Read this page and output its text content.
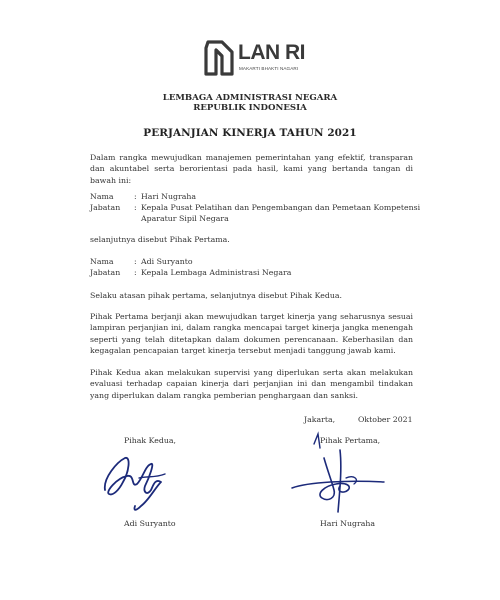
LAN RI
MAKARTI BHAKTI NAGARI
LEMBAGA ADMINISTRASI NEGARA
REPUBLIK INDONESIA
PERJANJIAN KINERJA TAHUN 2021
Dalam rangka mewujudkan manajemen pemerintahan yang efektif, transparan dan akuntabel serta berorientasi pada hasil, kami yang bertanda tangan di bawah ini:
Nama	: Hari Nugraha
Jabatan	: Kepala Pusat Pelatihan dan Pengembangan dan Pemetaan Kompetensi Aparatur Sipil Negara
selanjutnya disebut Pihak Pertama.
Nama	: Adi Suryanto
Jabatan	: Kepala Lembaga Administrasi Negara
Selaku atasan pihak pertama, selanjutnya disebut Pihak Kedua.
Pihak Pertama berjanji akan mewujudkan target kinerja yang seharusnya sesuai lampiran perjanjian ini, dalam rangka mencapai target kinerja jangka menengah seperti yang telah ditetapkan dalam dokumen perencanaan. Keberhasilan dan kegagalan pencapaian target kinerja tersebut menjadi tanggung jawab kami.
Pihak Kedua akan melakukan supervisi yang diperlukan serta akan melakukan evaluasi terhadap capaian kinerja dari perjanjian ini dan mengambil tindakan yang diperlukan dalam rangka pemberian penghargaan dan sanksi.
Jakarta,	Oktober 2021
Pihak Kedua,	Pihak Pertama,
Adi Suryanto	Hari Nugraha
